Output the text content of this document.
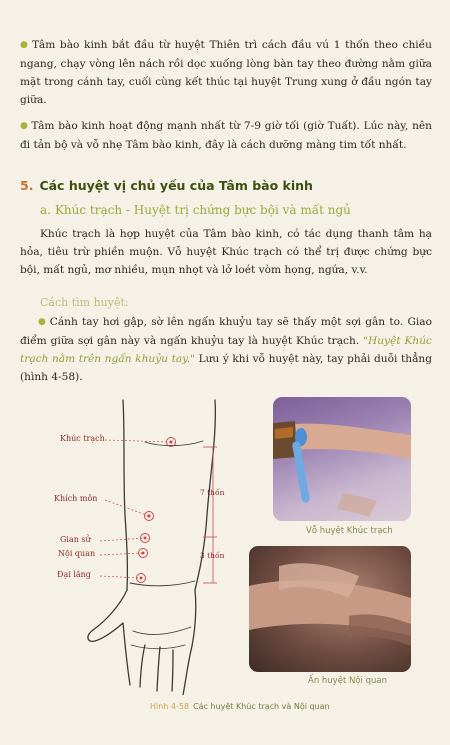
● Tâm bào kinh bắt đầu từ huyệt Thiên trì cách đầu vú 1 thốn theo chiều ngang, chạy vòng lên nách rồi dọc xuống lòng bàn tay theo đường nằm giữa mặt trong cánh tay, cuối cùng kết thúc tại huyệt Trung xung ở đầu ngón tay giữa.

● Tâm bào kinh hoạt động mạnh nhất từ 7-9 giờ tối (giờ Tuất). Lúc này, nên đi tản bộ và vỗ nhẹ Tâm bào kinh, đây là cách dưỡng màng tim tốt nhất.

5. Các huyệt vị chủ yếu của Tâm bào kinh
a. Khúc trạch - Huyệt trị chứng bực bội và mất ngủ

Khúc trạch là hợp huyệt của Tâm bào kinh, có tác dụng thanh tâm hạ hỏa, tiêu trừ phiền muộn. Vỗ huyệt Khúc trạch có thể trị được chứng bực bội, mất ngủ, mơ nhiều, mụn nhọt và lở loét vòm họng, ngứa, v.v.

Cách tìm huyệt:

● Cánh tay hơi gập, sờ lên ngấn khuỷu tay sẽ thấy một sợi gân to. Giao điểm giữa sợi gân này và ngấn khuỷu tay là huyệt Khúc trạch. "Huyệt Khúc trạch nằm trên ngấn khuỷu tay." Lưu ý khi vỗ huyệt này, tay phải duỗi thẳng (hình 4-58).

Khúc trạch
Khích môn
Gian sử
Nội quan
Đại lăng
7 thốn
3 thốn
Vỗ huyệt Khúc trạch
Ấn huyệt Nội quan
Hình 4-58 Các huyệt Khúc trạch và Nội quan
